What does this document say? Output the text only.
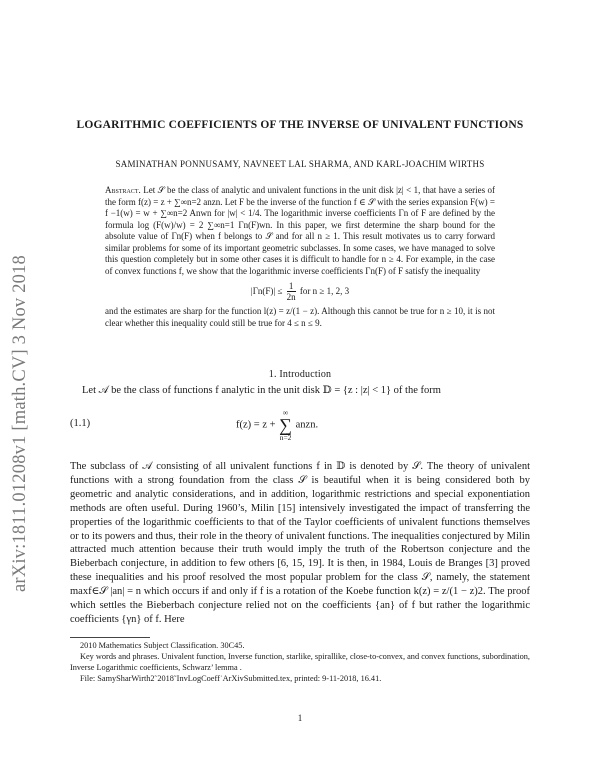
arXiv:1811.01208v1 [math.CV] 3 Nov 2018
LOGARITHMIC COEFFICIENTS OF THE INVERSE OF UNIVALENT FUNCTIONS
SAMINATHAN PONNUSAMY, NAVNEET LAL SHARMA, AND KARL-JOACHIM WIRTHS

Abstract. Let 𝒮 be the class of analytic and univalent functions in the unit disk |z| < 1, that have a series of the form f(z) = z + ∑∞n=2 anzn. Let F be the inverse of the function f ∈ 𝒮 with the series expansion F(w) = f −1(w) = w + ∑∞n=2 Anwn for |w| < 1/4. The logarithmic inverse coefficients Γn of F are defined by the formula log (F(w)/w) = 2 ∑∞n=1 Γn(F)wn. In this paper, we first determine the sharp bound for the absolute value of Γn(F) when f belongs to 𝒮 and for all n ≥ 1. This result motivates us to carry forward similar problems for some of its important geometric subclasses. In some cases, we have managed to solve this question completely but in some other cases it is difficult to handle for n ≥ 4. For example, in the case of convex functions f, we show that the logarithmic inverse coefficients Γn(F) of F satisfy the inequality

$|\Gamma n(F)| \le \frac{1}{2n}$ for n ≥ 1, 2, 3

and the estimates are sharp for the function l(z) = z/(1 − z). Although this cannot be true for n ≥ 10, it is not clear whether this inequality could still be true for 4 ≤ n ≤ 9.

1. Introduction

Let 𝒜 be the class of functions f analytic in the unit disk 𝔻 = {z : |z| < 1} of the form

(1.1)	f(z) = z +
∞
∑
n=2
anzn.

The subclass of 𝒜 consisting of all univalent functions f in 𝔻 is denoted by 𝒮. The theory of univalent functions with a strong foundation from the class 𝒮 is beautiful when it is being considered both by geometric and analytic considerations, and in addition, logarithmic restrictions and special exponentiation methods are often useful. During 1960’s, Milin [15] intensively investigated the impact of transferring the properties of the logarithmic coefficients to that of the Taylor coefficients of univalent functions themselves or to its powers and thus, their role in the theory of univalent functions. The inequalities conjectured by Milin attracted much attention because their truth would imply the truth of the Robertson conjecture and the Bieberbach conjecture, in addition to few others [6, 15, 19]. It is then, in 1984, Louis de Branges [3] proved these inequalities and his proof resolved the most popular problem for the class 𝒮, namely, the statement maxf∈𝒮 |an| = n which occurs if and only if f is a rotation of the Koebe function k(z) = z/(1 − z)2. The proof which settles the Bieberbach conjecture relied not on the coefficients {an} of f but rather the logarithmic coefficients {γn} of f. Here

2010 Mathematics Subject Classification. 30C45.

Key words and phrases. Univalent function, Inverse function, starlike, spirallike, close-to-convex, and convex functions, subordination, Inverse Logarithmic coefficients, Schwarz’ lemma .

File: SamySharWirth2˜2018˜InvLogCoeff˙ArXivSubmitted.tex, printed: 9-11-2018, 16.41.

1
